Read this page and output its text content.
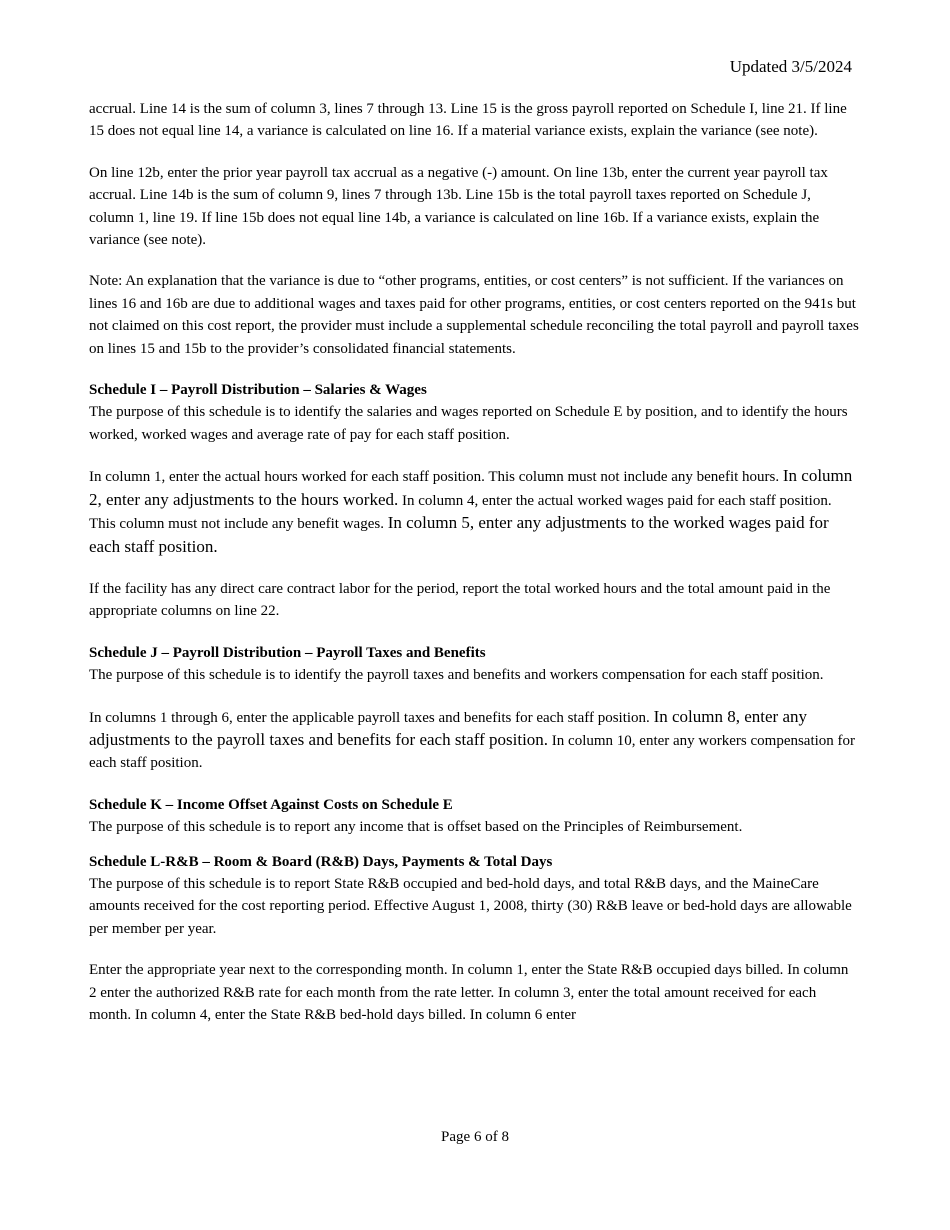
Updated 3/5/2024

accrual. Line 14 is the sum of column 3, lines 7 through 13. Line 15 is the gross payroll reported on Schedule I, line 21. If line 15 does not equal line 14, a variance is calculated on line 16. If a material variance exists, explain the variance (see note).

On line 12b, enter the prior year payroll tax accrual as a negative (-) amount. On line 13b, enter the current year payroll tax accrual. Line 14b is the sum of column 9, lines 7 through 13b. Line 15b is the total payroll taxes reported on Schedule J, column 1, line 19. If line 15b does not equal line 14b, a variance is calculated on line 16b. If a variance exists, explain the variance (see note).

Note: An explanation that the variance is due to “other programs, entities, or cost centers” is not sufficient. If the variances on lines 16 and 16b are due to additional wages and taxes paid for other programs, entities, or cost centers reported on the 941s but not claimed on this cost report, the provider must include a supplemental schedule reconciling the total payroll and payroll taxes on lines 15 and 15b to the provider’s consolidated financial statements.

Schedule I – Payroll Distribution – Salaries & Wages

The purpose of this schedule is to identify the salaries and wages reported on Schedule E by position, and to identify the hours worked, worked wages and average rate of pay for each staff position.

In column 1, enter the actual hours worked for each staff position. This column must not include any benefit hours. In column 2, enter any adjustments to the hours worked. In column 4, enter the actual worked wages paid for each staff position. This column must not include any benefit wages. In column 5, enter any adjustments to the worked wages paid for each staff position.

If the facility has any direct care contract labor for the period, report the total worked hours and the total amount paid in the appropriate columns on line 22.

Schedule J – Payroll Distribution – Payroll Taxes and Benefits

The purpose of this schedule is to identify the payroll taxes and benefits and workers compensation for each staff position.

In columns 1 through 6, enter the applicable payroll taxes and benefits for each staff position. In column 8, enter any adjustments to the payroll taxes and benefits for each staff position. In column 10, enter any workers compensation for each staff position.

Schedule K – Income Offset Against Costs on Schedule E

The purpose of this schedule is to report any income that is offset based on the Principles of Reimbursement.

Schedule L-R&B – Room & Board (R&B) Days, Payments & Total Days

The purpose of this schedule is to report State R&B occupied and bed-hold days, and total R&B days, and the MaineCare amounts received for the cost reporting period. Effective August 1, 2008, thirty (30) R&B leave or bed-hold days are allowable per member per year.

Enter the appropriate year next to the corresponding month. In column 1, enter the State R&B occupied days billed. In column 2 enter the authorized R&B rate for each month from the rate letter. In column 3, enter the total amount received for each month. In column 4, enter the State R&B bed-hold days billed. In column 6 enter

Page 6 of 8
